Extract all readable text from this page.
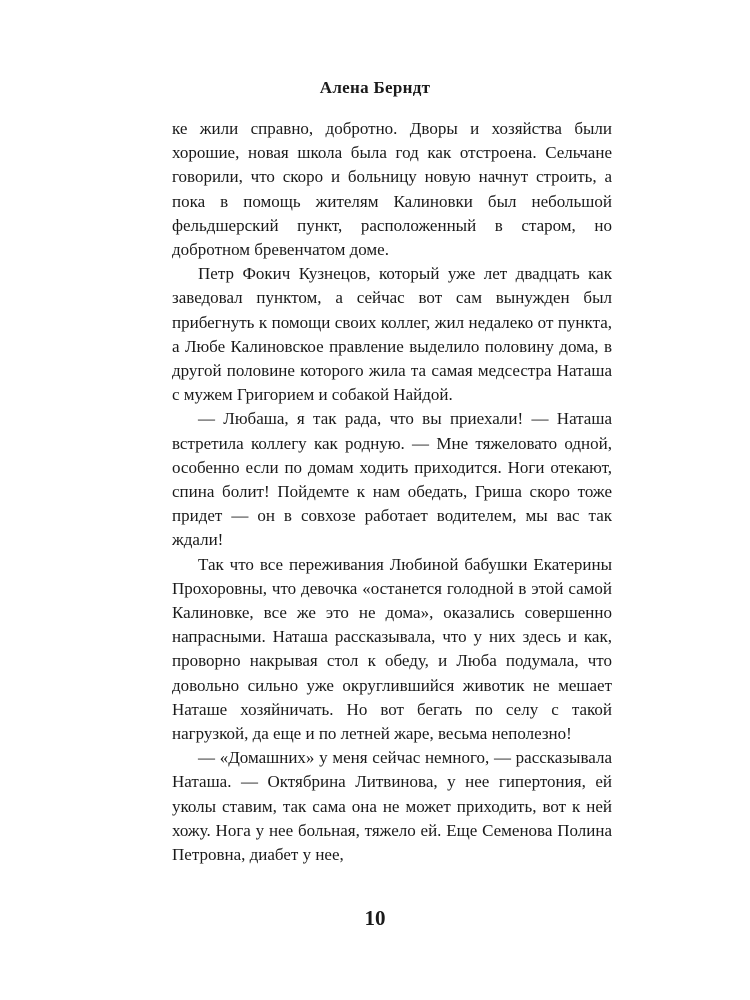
Алена Берндт

ке жили справно, добротно. Дворы и хозяйства были хорошие, новая школа была год как отстроена. Сельчане говорили, что скоро и больницу новую начнут строить, а пока в помощь жителям Калиновки был небольшой фельдшерский пункт, расположенный в старом, но добротном бревенчатом доме.

Петр Фокич Кузнецов, который уже лет двадцать как заведовал пунктом, а сейчас вот сам вынужден был прибегнуть к помощи своих коллег, жил недалеко от пункта, а Любе Калиновское правление выделило половину дома, в другой половине которого жила та самая медсестра Наташа с мужем Григорием и собакой Найдой.

— Любаша, я так рада, что вы приехали! — Наташа встретила коллегу как родную. — Мне тяжеловато одной, особенно если по домам ходить приходится. Ноги отекают, спина болит! Пойдемте к нам обедать, Гриша скоро тоже придет — он в совхозе работает водителем, мы вас так ждали!

Так что все переживания Любиной бабушки Екатерины Прохоровны, что девочка «останется голодной в этой самой Калиновке, все же это не дома», оказались совершенно напрасными. Наташа рассказывала, что у них здесь и как, проворно накрывая стол к обеду, и Люба подумала, что довольно сильно уже округлившийся животик не мешает Наташе хозяйничать. Но вот бегать по селу с такой нагрузкой, да еще и по летней жаре, весьма неполезно!

— «Домашних» у меня сейчас немного, — рассказывала Наташа. — Октябрина Литвинова, у нее гипертония, ей уколы ставим, так сама она не может приходить, вот к ней хожу. Нога у нее больная, тяжело ей. Еще Семенова Полина Петровна, диабет у нее,

10
